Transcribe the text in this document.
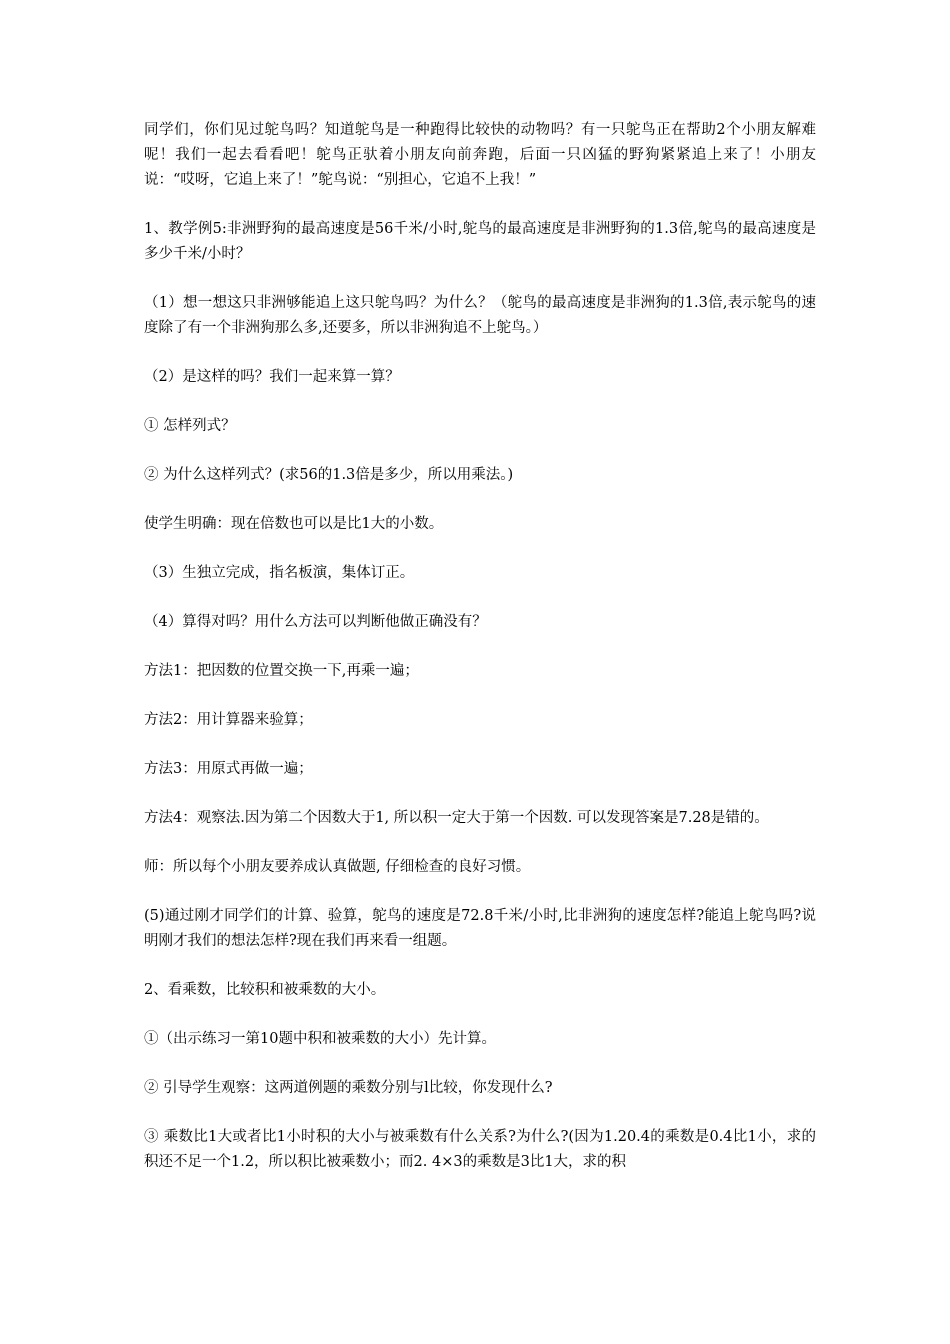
同学们，你们见过鸵鸟吗？知道鸵鸟是一种跑得比较快的动物吗？有一只鸵鸟正在帮助2个小朋友解难呢！我们一起去看看吧！鸵鸟正驮着小朋友向前奔跑，后面一只凶猛的野狗紧紧追上来了！小朋友说：“哎呀，它追上来了！”鸵鸟说：“别担心，它追不上我！”

1、教学例5:非洲野狗的最高速度是56千米/小时,鸵鸟的最高速度是非洲野狗的1.3倍,鸵鸟的最高速度是多少千米/小时？

（1）想一想这只非洲够能追上这只鸵鸟吗？为什么？（鸵鸟的最高速度是非洲狗的1.3倍,表示鸵鸟的速度除了有一个非洲狗那么多,还要多，所以非洲狗追不上鸵鸟。）

（2）是这样的吗？我们一起来算一算？

① 怎样列式？

② 为什么这样列式？(求56的1.3倍是多少，所以用乘法。)

使学生明确：现在倍数也可以是比1大的小数。

（3）生独立完成，指名板演，集体订正。

（4）算得对吗？用什么方法可以判断他做正确没有？

方法1：把因数的位置交换一下,再乘一遍；

方法2：用计算器来验算；

方法3：用原式再做一遍；

方法4：观察法.因为第二个因数大于1, 所以积一定大于第一个因数. 可以发现答案是7.28是错的。

师：所以每个小朋友要养成认真做题, 仔细检查的良好习惯。

(5)通过刚才同学们的计算、验算，鸵鸟的速度是72.8千米/小时,比非洲狗的速度怎样?能追上鸵鸟吗?说明刚才我们的想法怎样?现在我们再来看一组题。

2、看乘数，比较积和被乘数的大小。

①（出示练习一第10题中积和被乘数的大小）先计算。

② 引导学生观察：这两道例题的乘数分别与l比较，你发现什么?

③ 乘数比1大或者比1小时积的大小与被乘数有什么关系?为什么?(因为1.20.4的乘数是0.4比1小，求的积还不足一个1.2，所以积比被乘数小；而2. 4×3的乘数是3比1大，求的积
